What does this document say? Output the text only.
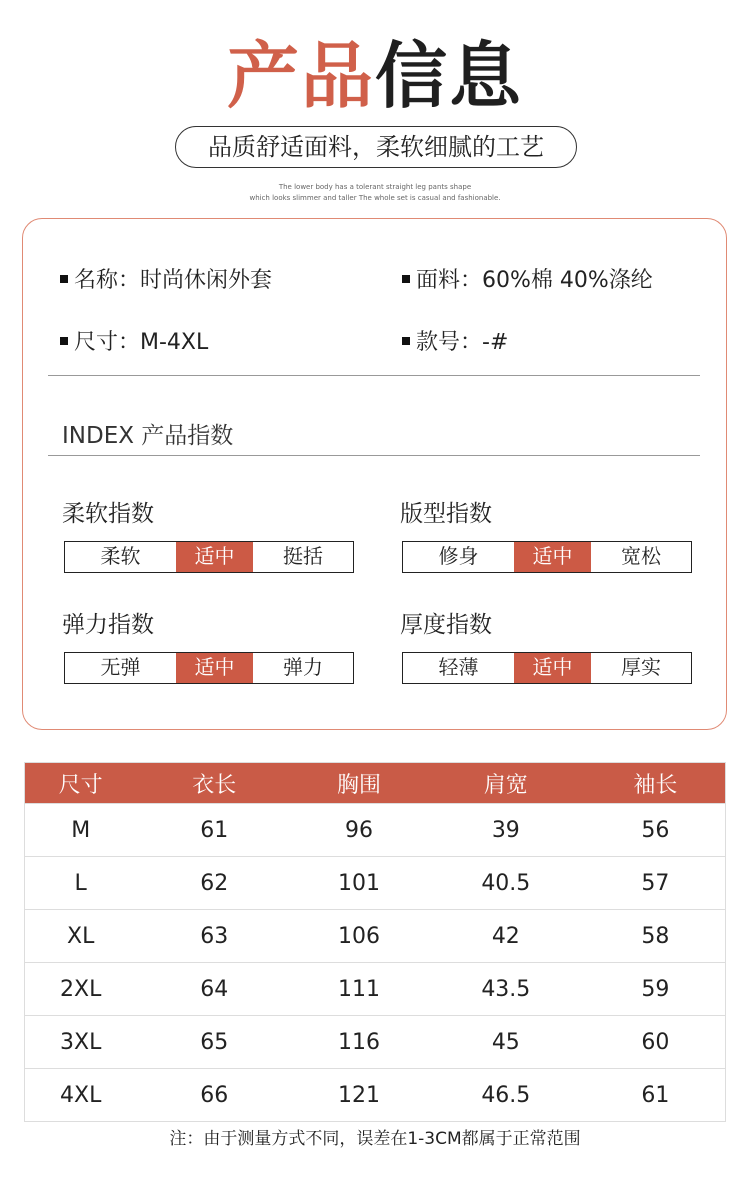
产品信息
品质舒适面料，柔软细腻的工艺
The lower body has a tolerant straight leg pants shape
which looks slimmer and taller The whole set is casual and fashionable.
名称：时尚休闲外套	面料：60%棉 40%涤纶
尺寸：M-4XL	款号：-#
INDEX 产品指数
柔软指数
柔软	适中	挺括
版型指数
修身	适中	宽松
弹力指数
无弹	适中	弹力
厚度指数
轻薄	适中	厚实
尺寸	衣长	胸围	肩宽	袖长
M	61	96	39	56
L	62	101	40.5	57
XL	63	106	42	58
2XL	64	111	43.5	59
3XL	65	116	45	60
4XL	66	121	46.5	61
注：由于测量方式不同，误差在1-3CM都属于正常范围
